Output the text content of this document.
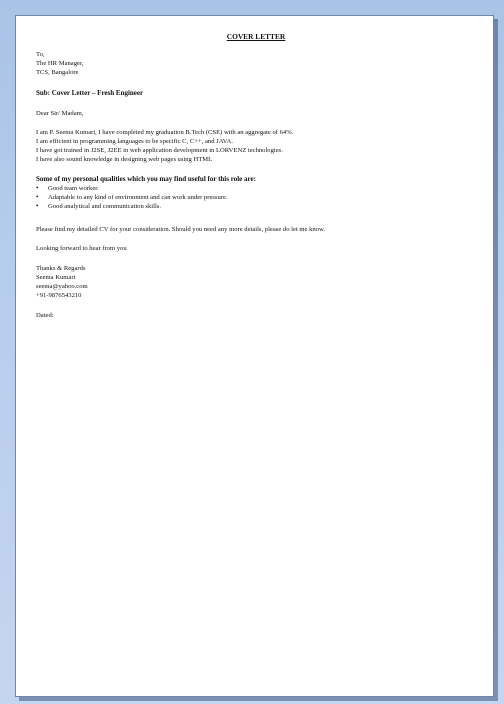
COVER LETTER
To,
The HR Manager,
TCS, Bangalore
Sub: Cover Letter – Fresh Engineer
Dear Sir/ Madam,
I am P. Seema Kumari, I have completed my graduation B.Tech (CSE) with an aggregate of 64%.
I am efficient in programming languages to be specific C, C++, and JAVA.
I have got trained in J2SE, J2EE in web application development in LORVENZ technologies.
I have also sound knowledge in designing web pages using HTML
Some of my personal qualities which you may find useful for this role are:
• Good team worker.
• Adaptable to any kind of environment and can work under pressure.
• Good analytical and communication skills.
Please find my detailed CV for your consideration. Should you need any more details, please do let me know.
Looking forward to hear from you
Thanks & Regards
Seema Kumari
seema@yahoo.com
+91-9876543210
Dated:
